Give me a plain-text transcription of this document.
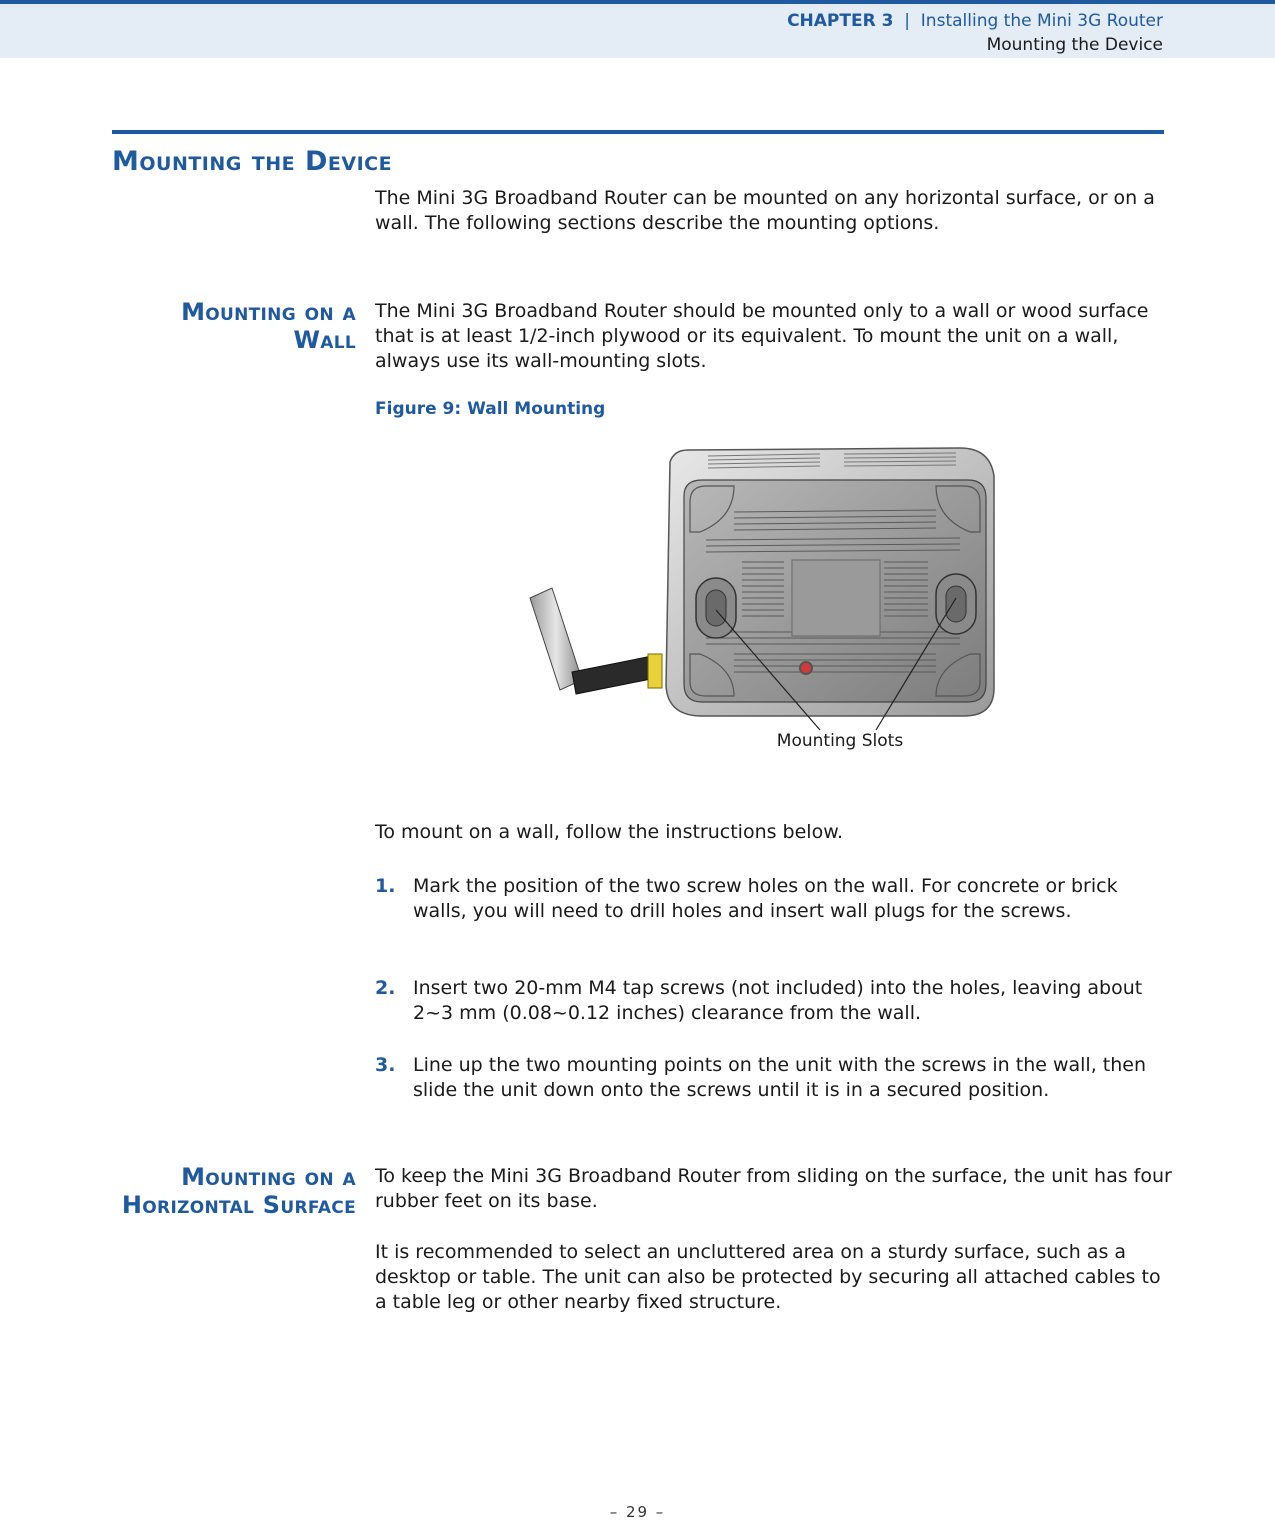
CHAPTER 3 | Installing the Mini 3G Router
Mounting the Device
Mounting the Device
The Mini 3G Broadband Router can be mounted on any horizontal surface, or on a wall. The following sections describe the mounting options.
Mounting on a Wall
The Mini 3G Broadband Router should be mounted only to a wall or wood surface that is at least 1/2-inch plywood or its equivalent. To mount the unit on a wall, always use its wall-mounting slots.
Figure 9: Wall Mounting
Mounting Slots
To mount on a wall, follow the instructions below.
1. Mark the position of the two screw holes on the wall. For concrete or brick walls, you will need to drill holes and insert wall plugs for the screws.
2. Insert two 20-mm M4 tap screws (not included) into the holes, leaving about 2~3 mm (0.08~0.12 inches) clearance from the wall.
3. Line up the two mounting points on the unit with the screws in the wall, then slide the unit down onto the screws until it is in a secured position.
Mounting on a
Horizontal Surface
To keep the Mini 3G Broadband Router from sliding on the surface, the unit has four rubber feet on its base.
It is recommended to select an uncluttered area on a sturdy surface, such as a desktop or table. The unit can also be protected by securing all attached cables to a table leg or other nearby fixed structure.
– 29 –
